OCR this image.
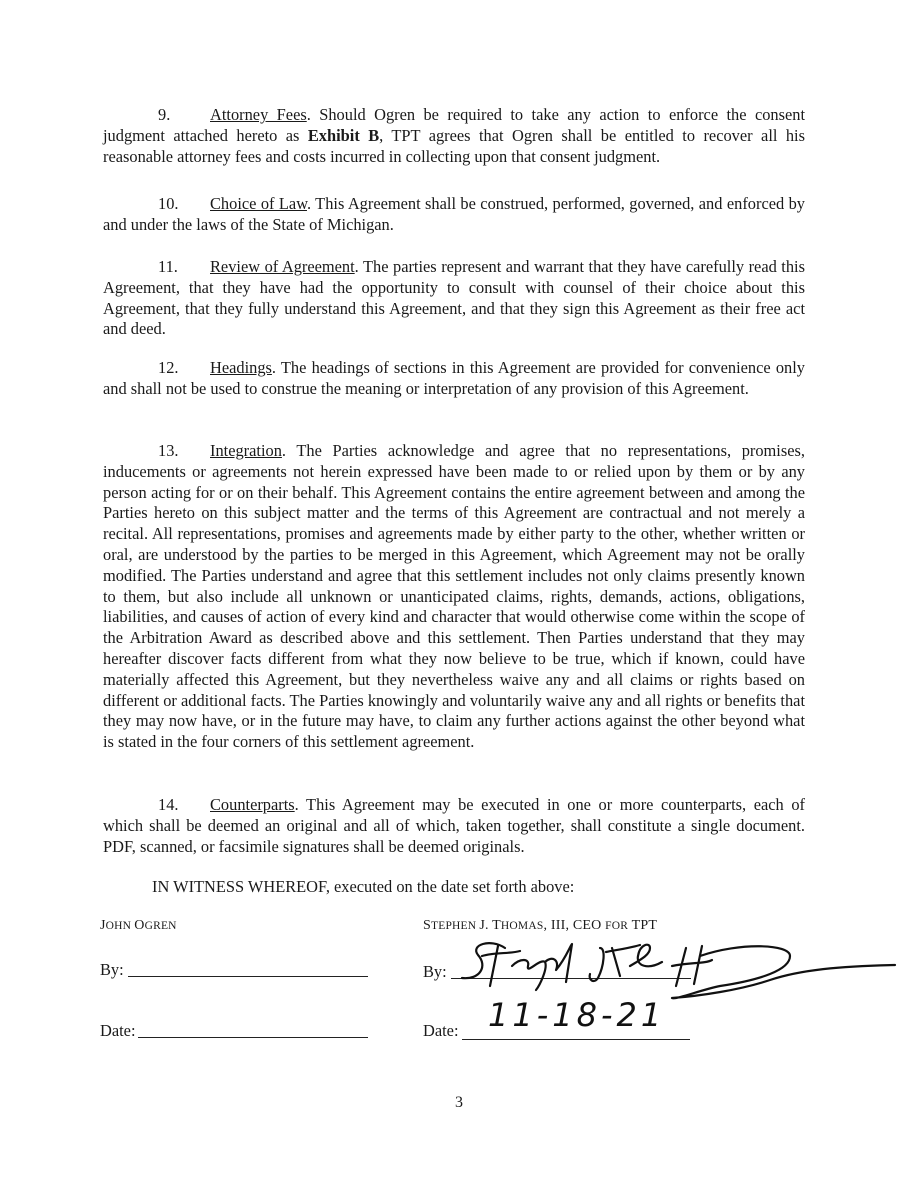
9. Attorney Fees. Should Ogren be required to take any action to enforce the consent judgment attached hereto as Exhibit B, TPT agrees that Ogren shall be entitled to recover all his reasonable attorney fees and costs incurred in collecting upon that consent judgment.

10. Choice of Law. This Agreement shall be construed, performed, governed, and enforced by and under the laws of the State of Michigan.

11. Review of Agreement. The parties represent and warrant that they have carefully read this Agreement, that they have had the opportunity to consult with counsel of their choice about this Agreement, that they fully understand this Agreement, and that they sign this Agreement as their free act and deed.

12. Headings. The headings of sections in this Agreement are provided for convenience only and shall not be used to construe the meaning or interpretation of any provision of this Agreement.

13. Integration. The Parties acknowledge and agree that no representations, promises, inducements or agreements not herein expressed have been made to or relied upon by them or by any person acting for or on their behalf. This Agreement contains the entire agreement between and among the Parties hereto on this subject matter and the terms of this Agreement are contractual and not merely a recital. All representations, promises and agreements made by either party to the other, whether written or oral, are understood by the parties to be merged in this Agreement, which Agreement may not be orally modified. The Parties understand and agree that this settlement includes not only claims presently known to them, but also include all unknown or unanticipated claims, rights, demands, actions, obligations, liabilities, and causes of action of every kind and character that would otherwise come within the scope of the Arbitration Award as described above and this settlement. Then Parties understand that they may hereafter discover facts different from what they now believe to be true, which if known, could have materially affected this Agreement, but they nevertheless waive any and all claims or rights based on different or additional facts. The Parties knowingly and voluntarily waive any and all rights or benefits that they may now have, or in the future may have, to claim any further actions against the other beyond what is stated in the four corners of this settlement agreement.

14. Counterparts. This Agreement may be executed in one or more counterparts, each of which shall be deemed an original and all of which, taken together, shall constitute a single document. PDF, scanned, or facsimile signatures shall be deemed originals.

IN WITNESS WHEREOF, executed on the date set forth above:
JOHN OGREN
By:
Date:
STEPHEN J. THOMAS, III, CEO FOR TPT
By:
Date: 11-18-21
3
